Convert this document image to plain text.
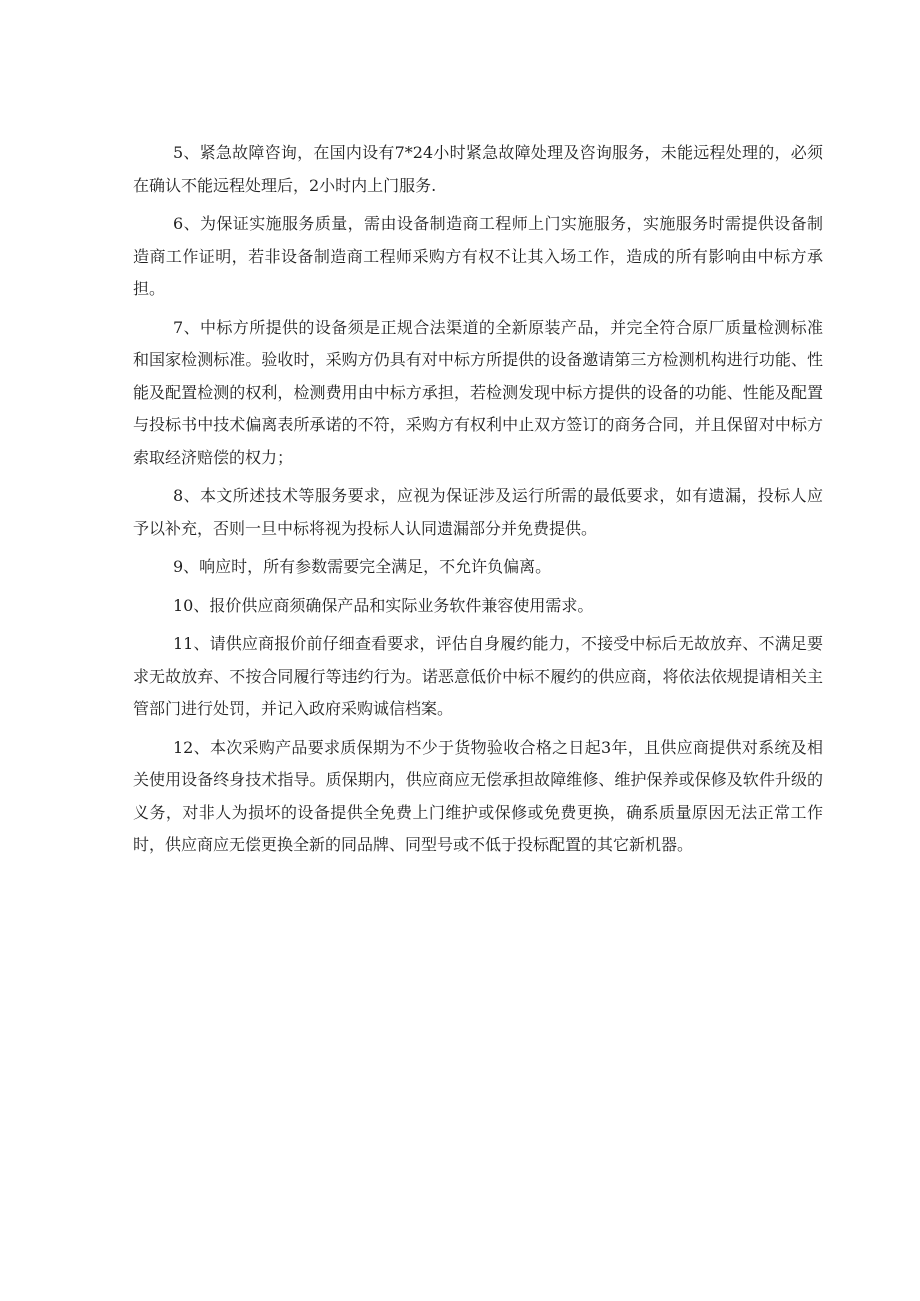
5、紧急故障咨询，在国内设有7*24小时紧急故障处理及咨询服务，未能远程处理的，必须在确认不能远程处理后，2小时内上门服务.

6、为保证实施服务质量，需由设备制造商工程师上门实施服务，实施服务时需提供设备制造商工作证明，若非设备制造商工程师采购方有权不让其入场工作，造成的所有影响由中标方承担。

7、中标方所提供的设备须是正规合法渠道的全新原装产品，并完全符合原厂质量检测标准和国家检测标准。验收时，采购方仍具有对中标方所提供的设备邀请第三方检测机构进行功能、性能及配置检测的权利，检测费用由中标方承担，若检测发现中标方提供的设备的功能、性能及配置与投标书中技术偏离表所承诺的不符，采购方有权利中止双方签订的商务合同，并且保留对中标方索取经济赔偿的权力；

8、本文所述技术等服务要求，应视为保证涉及运行所需的最低要求，如有遗漏，投标人应予以补充，否则一旦中标将视为投标人认同遗漏部分并免费提供。

9、响应时，所有参数需要完全满足，不允许负偏离。

10、报价供应商须确保产品和实际业务软件兼容使用需求。

11、请供应商报价前仔细查看要求，评估自身履约能力，不接受中标后无故放弃、不满足要求无故放弃、不按合同履行等违约行为。诺恶意低价中标不履约的供应商，将依法依规提请相关主管部门进行处罚，并记入政府采购诚信档案。

12、本次采购产品要求质保期为不少于货物验收合格之日起3年，且供应商提供对系统及相关使用设备终身技术指导。质保期内，供应商应无偿承担故障维修、维护保养或保修及软件升级的义务，对非人为损坏的设备提供全免费上门维护或保修或免费更换，确系质量原因无法正常工作时，供应商应无偿更换全新的同品牌、同型号或不低于投标配置的其它新机器。
